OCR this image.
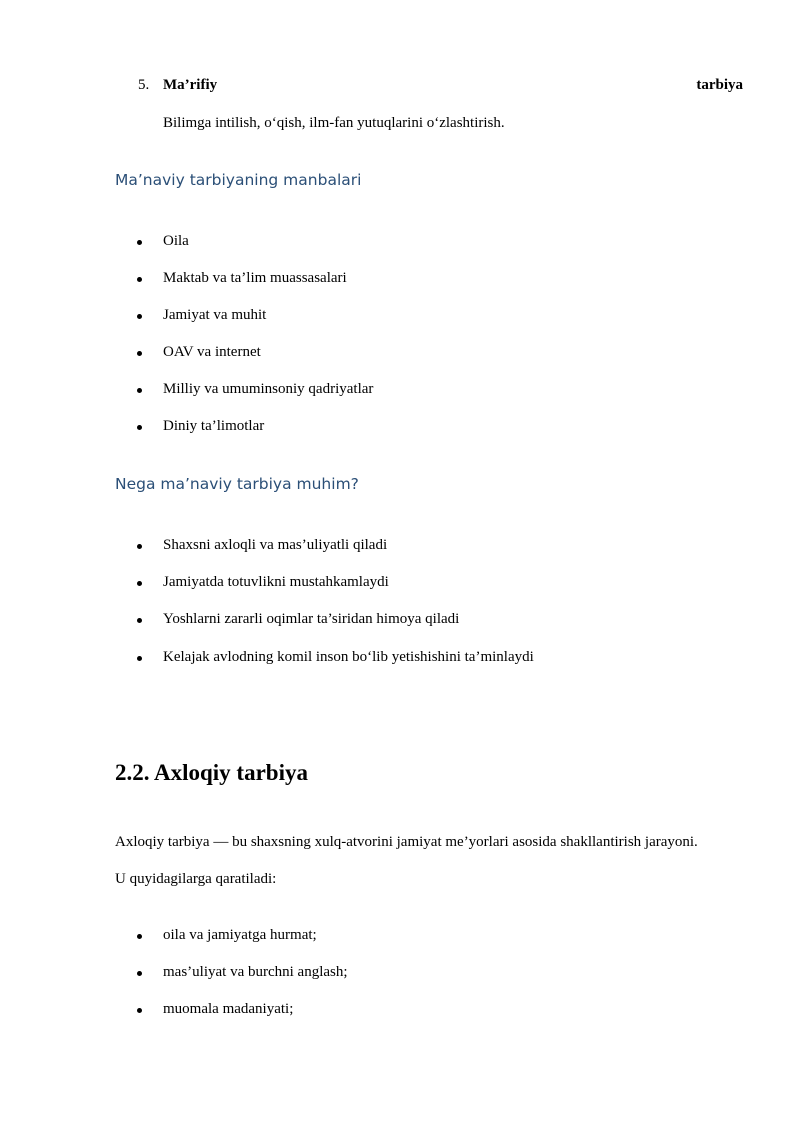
5. Ma’rifiy	tarbiya
Bilimga intilish, o‘qish, ilm-fan yutuqlarini o‘zlashtirish.
Ma’naviy tarbiyaning manbalari
Oila
Maktab va ta’lim muassasalari
Jamiyat va muhit
OAV va internet
Milliy va umuminsoniy qadriyatlar
Diniy ta’limotlar
Nega ma’naviy tarbiya muhim?
Shaxsni axloqli va mas’uliyatli qiladi
Jamiyatda totuvlikni mustahkamlaydi
Yoshlarni zararli oqimlar ta’siridan himoya qiladi
Kelajak avlodning komil inson bo‘lib yetishishini ta’minlaydi
2.2. Axloqiy tarbiya
Axloqiy tarbiya — bu shaxsning xulq-atvorini jamiyat me’yorlari asosida shakllantirish jarayoni.
U quyidagilarga qaratiladi:
oila va jamiyatga hurmat;
mas’uliyat va burchni anglash;
muomala madaniyati;
